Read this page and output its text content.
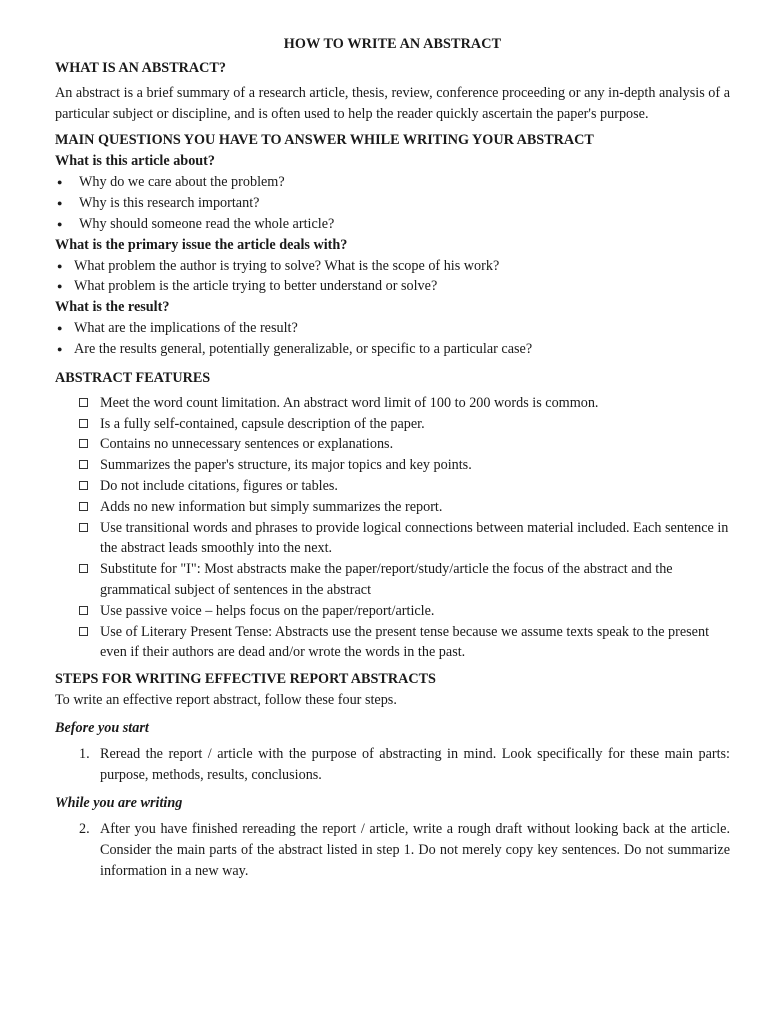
HOW TO WRITE AN ABSTRACT
WHAT IS AN ABSTRACT?

An abstract is a brief summary of a research article, thesis, review, conference proceeding or any in-depth analysis of a particular subject or discipline, and is often used to help the reader quickly ascertain the paper's purpose.

MAIN QUESTIONS YOU HAVE TO ANSWER WHILE WRITING YOUR ABSTRACT
What is this article about?
● Why do we care about the problem?
● Why is this research important?
● Why should someone read the whole article?
What is the primary issue the article deals with?
● What problem the author is trying to solve? What is the scope of his work?
● What problem is the article trying to better understand or solve?
What is the result?
● What are the implications of the result?
● Are the results general, potentially generalizable, or specific to a particular case?
ABSTRACT FEATURES
Meet the word count limitation. An abstract word limit of 100 to 200 words is common.
Is a fully self-contained, capsule description of the paper.
Contains no unnecessary sentences or explanations.
Summarizes the paper's structure, its major topics and key points.
Do not include citations, figures or tables.
Adds no new information but simply summarizes the report.
Use transitional words and phrases to provide logical connections between material included. Each sentence in the abstract leads smoothly into the next.
Substitute for "I": Most abstracts make the paper/report/study/article the focus of the abstract and the grammatical subject of sentences in the abstract
Use passive voice – helps focus on the paper/report/article.
Use of Literary Present Tense: Abstracts use the present tense because we assume texts speak to the present even if their authors are dead and/or wrote the words in the past.
STEPS FOR WRITING EFFECTIVE REPORT ABSTRACTS
To write an effective report abstract, follow these four steps.
Before you start
1. Reread the report / article with the purpose of abstracting in mind. Look specifically for these main parts: purpose, methods, results, conclusions.
While you are writing
2. After you have finished rereading the report / article, write a rough draft without looking back at the article. Consider the main parts of the abstract listed in step 1. Do not merely copy key sentences. Do not summarize information in a new way.
